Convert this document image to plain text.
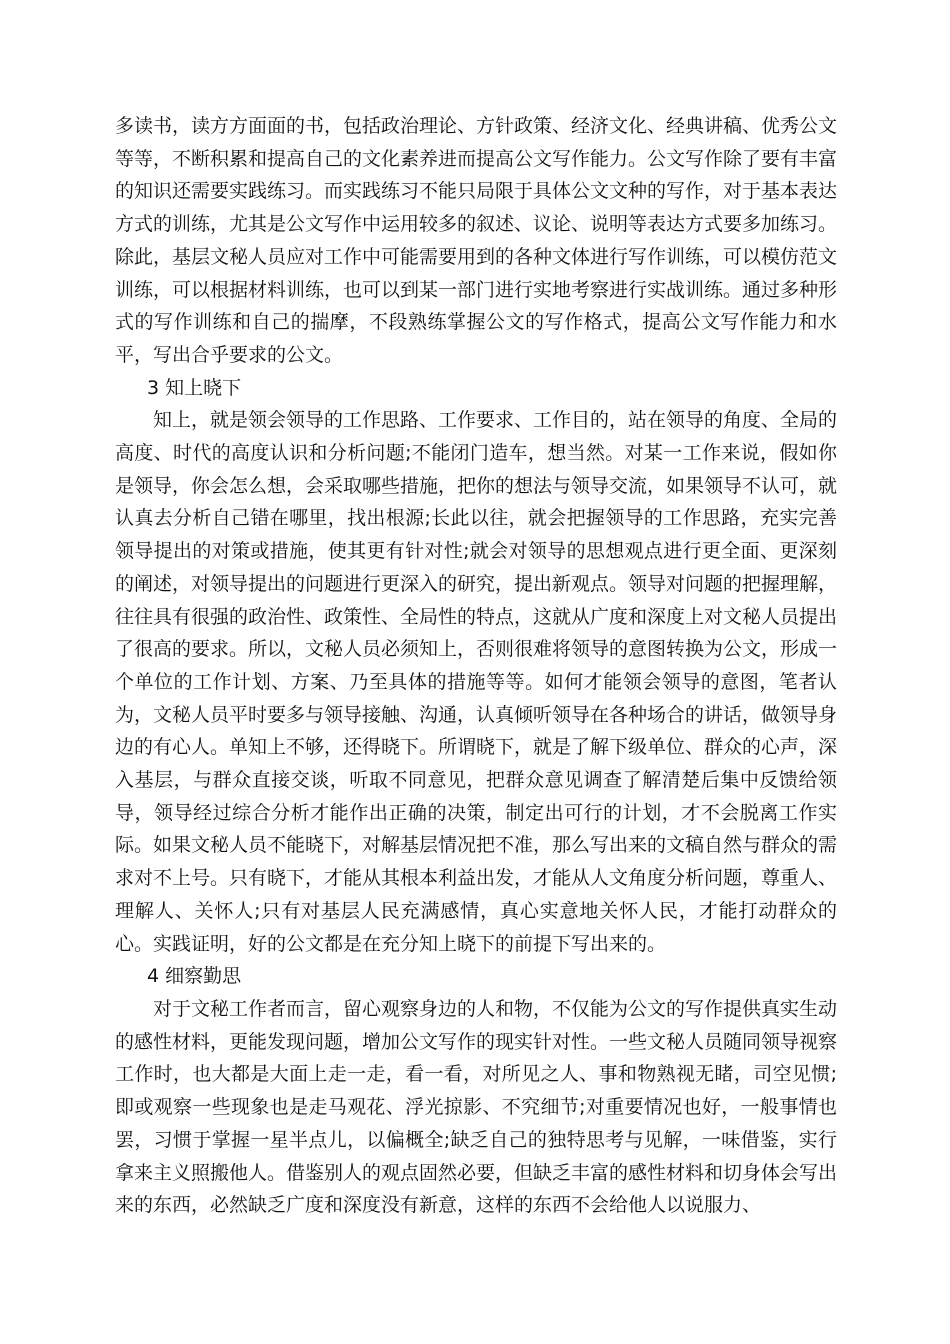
多读书，读方方面面的书，包括政治理论、方针政策、经济文化、经典讲稿、优秀公文等等，不断积累和提高自己的文化素养进而提高公文写作能力。公文写作除了要有丰富的知识还需要实践练习。而实践练习不能只局限于具体公文文种的写作，对于基本表达方式的训练，尤其是公文写作中运用较多的叙述、议论、说明等表达方式要多加练习。除此，基层文秘人员应对工作中可能需要用到的各种文体进行写作训练，可以模仿范文训练，可以根据材料训练，也可以到某一部门进行实地考察进行实战训练。通过多种形式的写作训练和自己的揣摩，不段熟练掌握公文的写作格式，提高公文写作能力和水平，写出合乎要求的公文。

3 知上晓下

知上，就是领会领导的工作思路、工作要求、工作目的，站在领导的角度、全局的高度、时代的高度认识和分析问题;不能闭门造车，想当然。对某一工作来说，假如你是领导，你会怎么想，会采取哪些措施，把你的想法与领导交流，如果领导不认可，就认真去分析自己错在哪里，找出根源;长此以往，就会把握领导的工作思路，充实完善领导提出的对策或措施，使其更有针对性;就会对领导的思想观点进行更全面、更深刻的阐述，对领导提出的问题进行更深入的研究，提出新观点。领导对问题的把握理解，往往具有很强的政治性、政策性、全局性的特点，这就从广度和深度上对文秘人员提出了很高的要求。所以，文秘人员必须知上，否则很难将领导的意图转换为公文，形成一个单位的工作计划、方案、乃至具体的措施等等。如何才能领会领导的意图，笔者认为，文秘人员平时要多与领导接触、沟通，认真倾听领导在各种场合的讲话，做领导身边的有心人。单知上不够，还得晓下。所谓晓下，就是了解下级单位、群众的心声，深入基层，与群众直接交谈，听取不同意见，把群众意见调查了解清楚后集中反馈给领导，领导经过综合分析才能作出正确的决策，制定出可行的计划，才不会脱离工作实际。如果文秘人员不能晓下，对解基层情况把不准，那么写出来的文稿自然与群众的需求对不上号。只有晓下，才能从其根本利益出发，才能从人文角度分析问题，尊重人、理解人、关怀人;只有对基层人民充满感情，真心实意地关怀人民，才能打动群众的心。实践证明，好的公文都是在充分知上晓下的前提下写出来的。

4 细察勤思

对于文秘工作者而言，留心观察身边的人和物，不仅能为公文的写作提供真实生动的感性材料，更能发现问题，增加公文写作的现实针对性。一些文秘人员随同领导视察工作时，也大都是大面上走一走，看一看，对所见之人、事和物熟视无睹，司空见惯;即或观察一些现象也是走马观花、浮光掠影、不究细节;对重要情况也好，一般事情也罢，习惯于掌握一星半点儿，以偏概全;缺乏自己的独特思考与见解，一味借鉴，实行拿来主义照搬他人。借鉴别人的观点固然必要，但缺乏丰富的感性材料和切身体会写出来的东西，必然缺乏广度和深度没有新意，这样的东西不会给他人以说服力、
